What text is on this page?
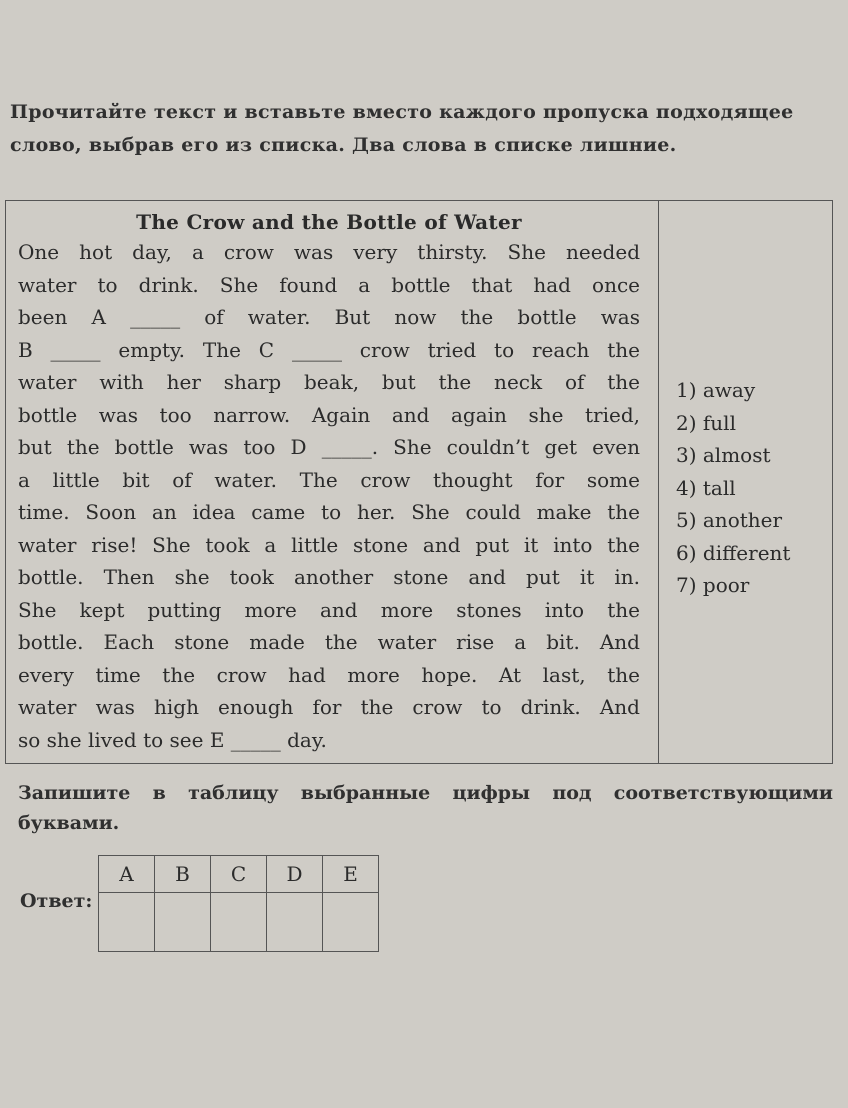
Прочитайте текст и вставьте вместо каждого пропуска подходящее
слово, выбрав его из списка. Два слова в списке лишние.
The Crow and the Bottle of Water
One hot day, a crow was very thirsty. She needed
water to drink. She found a bottle that had once
been A _____ of water. But now the bottle was
B _____ empty. The C _____ crow tried to reach the
water with her sharp beak, but the neck of the
bottle was too narrow. Again and again she tried,
but the bottle was too D _____. She couldn’t get even
a little bit of water. The crow thought for some
time. Soon an idea came to her. She could make the
water rise! She took a little stone and put it into the
bottle. Then she took another stone and put it in.
She kept putting more and more stones into the
bottle. Each stone made the water rise a bit. And
every time the crow had more hope. At last, the
water was high enough for the crow to drink. And
so she lived to see E _____ day.
1) away
2) full
3) almost
4) tall
5) another
6) different
7) poor
Запишите в таблицу выбранные цифры под соответствующими
буквами.
Ответ:
A	B	C	D	E
